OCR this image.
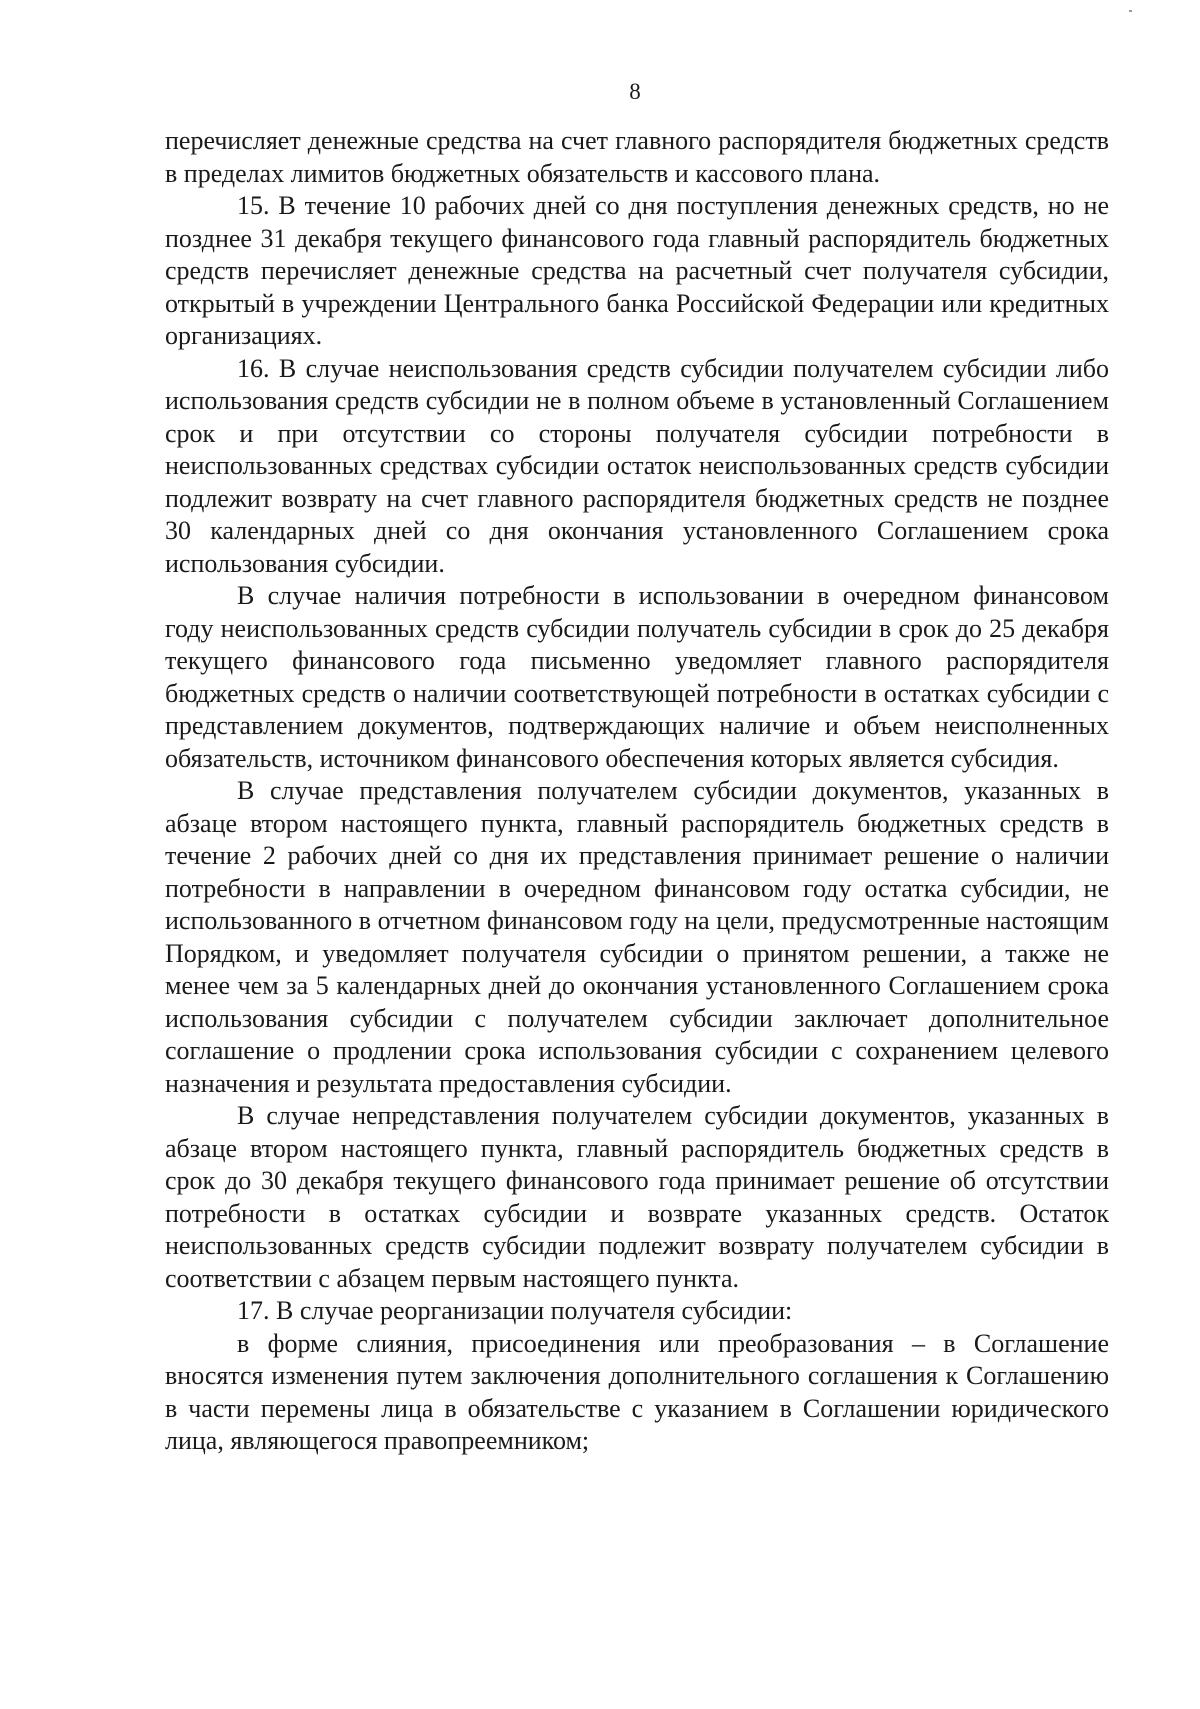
8

перечисляет денежные средства на счет главного распорядителя бюджетных средств в пределах лимитов бюджетных обязательств и кассового плана.

15. В течение 10 рабочих дней со дня поступления денежных средств, но не позднее 31 декабря текущего финансового года главный распорядитель бюджетных средств перечисляет денежные средства на расчетный счет получателя субсидии, открытый в учреждении Центрального банка Российской Федерации или кредитных организациях.

16. В случае неиспользования средств субсидии получателем субсидии либо использования средств субсидии не в полном объеме в установленный Соглашением срок и при отсутствии со стороны получателя субсидии потребности в неиспользованных средствах субсидии остаток неиспользованных средств субсидии подлежит возврату на счет главного распорядителя бюджетных средств не позднее 30 календарных дней со дня окончания установленного Соглашением срока использования субсидии.

В случае наличия потребности в использовании в очередном финансовом году неиспользованных средств субсидии получатель субсидии в срок до 25 декабря текущего финансового года письменно уведомляет главного распорядителя бюджетных средств о наличии соответствующей потребности в остатках субсидии с представлением документов, подтверждающих наличие и объем неисполненных обязательств, источником финансового обеспечения которых является субсидия.

В случае представления получателем субсидии документов, указанных в абзаце втором настоящего пункта, главный распорядитель бюджетных средств в течение 2 рабочих дней со дня их представления принимает решение о наличии потребности в направлении в очередном финансовом году остатка субсидии, не использованного в отчетном финансовом году на цели, предусмотренные настоящим Порядком, и уведомляет получателя субсидии о принятом решении, а также не менее чем за 5 календарных дней до окончания установленного Соглашением срока использования субсидии с получателем субсидии заключает дополнительное соглашение о продлении срока использования субсидии с сохранением целевого назначения и результата предоставления субсидии.

В случае непредставления получателем субсидии документов, указанных в абзаце втором настоящего пункта, главный распорядитель бюджетных средств в срок до 30 декабря текущего финансового года принимает решение об отсутствии потребности в остатках субсидии и возврате указанных средств. Остаток неиспользованных средств субсидии подлежит возврату получателем субсидии в соответствии с абзацем первым настоящего пункта.

17. В случае реорганизации получателя субсидии:

в форме слияния, присоединения или преобразования – в Соглашение вносятся изменения путем заключения дополнительного соглашения к Соглашению в части перемены лица в обязательстве с указанием в Соглашении юридического лица, являющегося правопреемником;
